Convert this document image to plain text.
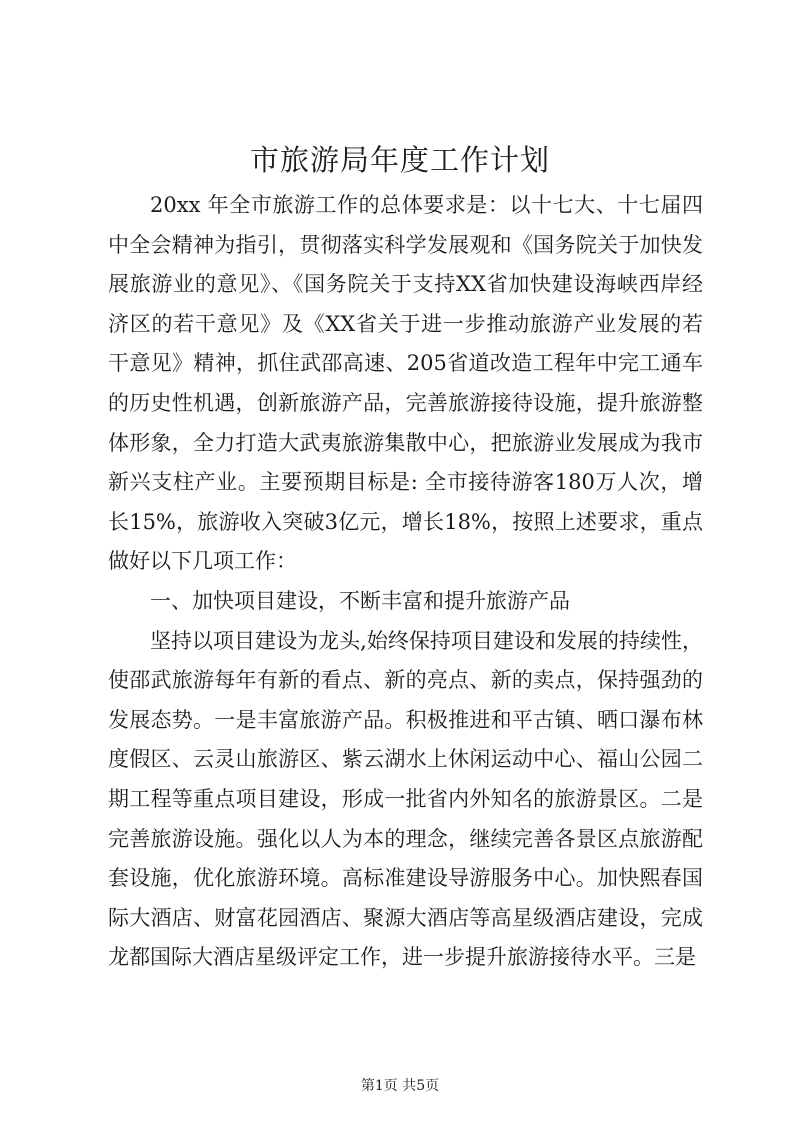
市旅游局年度工作计划

20xx 年全市旅游工作的总体要求是：以十七大、十七届四中全会精神为指引，贯彻落实科学发展观和《国务院关于加快发展旅游业的意见》、《国务院关于支持XX省加快建设海峡西岸经济区的若干意见》及《XX省关于进一步推动旅游产业发展的若干意见》精神，抓住武邵高速、205省道改造工程年中完工通车的历史性机遇，创新旅游产品，完善旅游接待设施，提升旅游整体形象，全力打造大武夷旅游集散中心，把旅游业发展成为我市新兴支柱产业。主要预期目标是: 全市接待游客180万人次，增长15%，旅游收入突破3亿元，增长18%，按照上述要求，重点做好以下几项工作：

一、加快项目建设，不断丰富和提升旅游产品

坚持以项目建设为龙头,始终保持项目建设和发展的持续性，使邵武旅游每年有新的看点、新的亮点、新的卖点，保持强劲的发展态势。一是丰富旅游产品。积极推进和平古镇、晒口瀑布林度假区、云灵山旅游区、紫云湖水上休闲运动中心、福山公园二期工程等重点项目建设，形成一批省内外知名的旅游景区。二是完善旅游设施。强化以人为本的理念，继续完善各景区点旅游配套设施，优化旅游环境。高标准建设导游服务中心。加快熙春国际大酒店、财富花园酒店、聚源大酒店等高星级酒店建设，完成龙都国际大酒店星级评定工作，进一步提升旅游接待水平。三是

第1页 共5页
